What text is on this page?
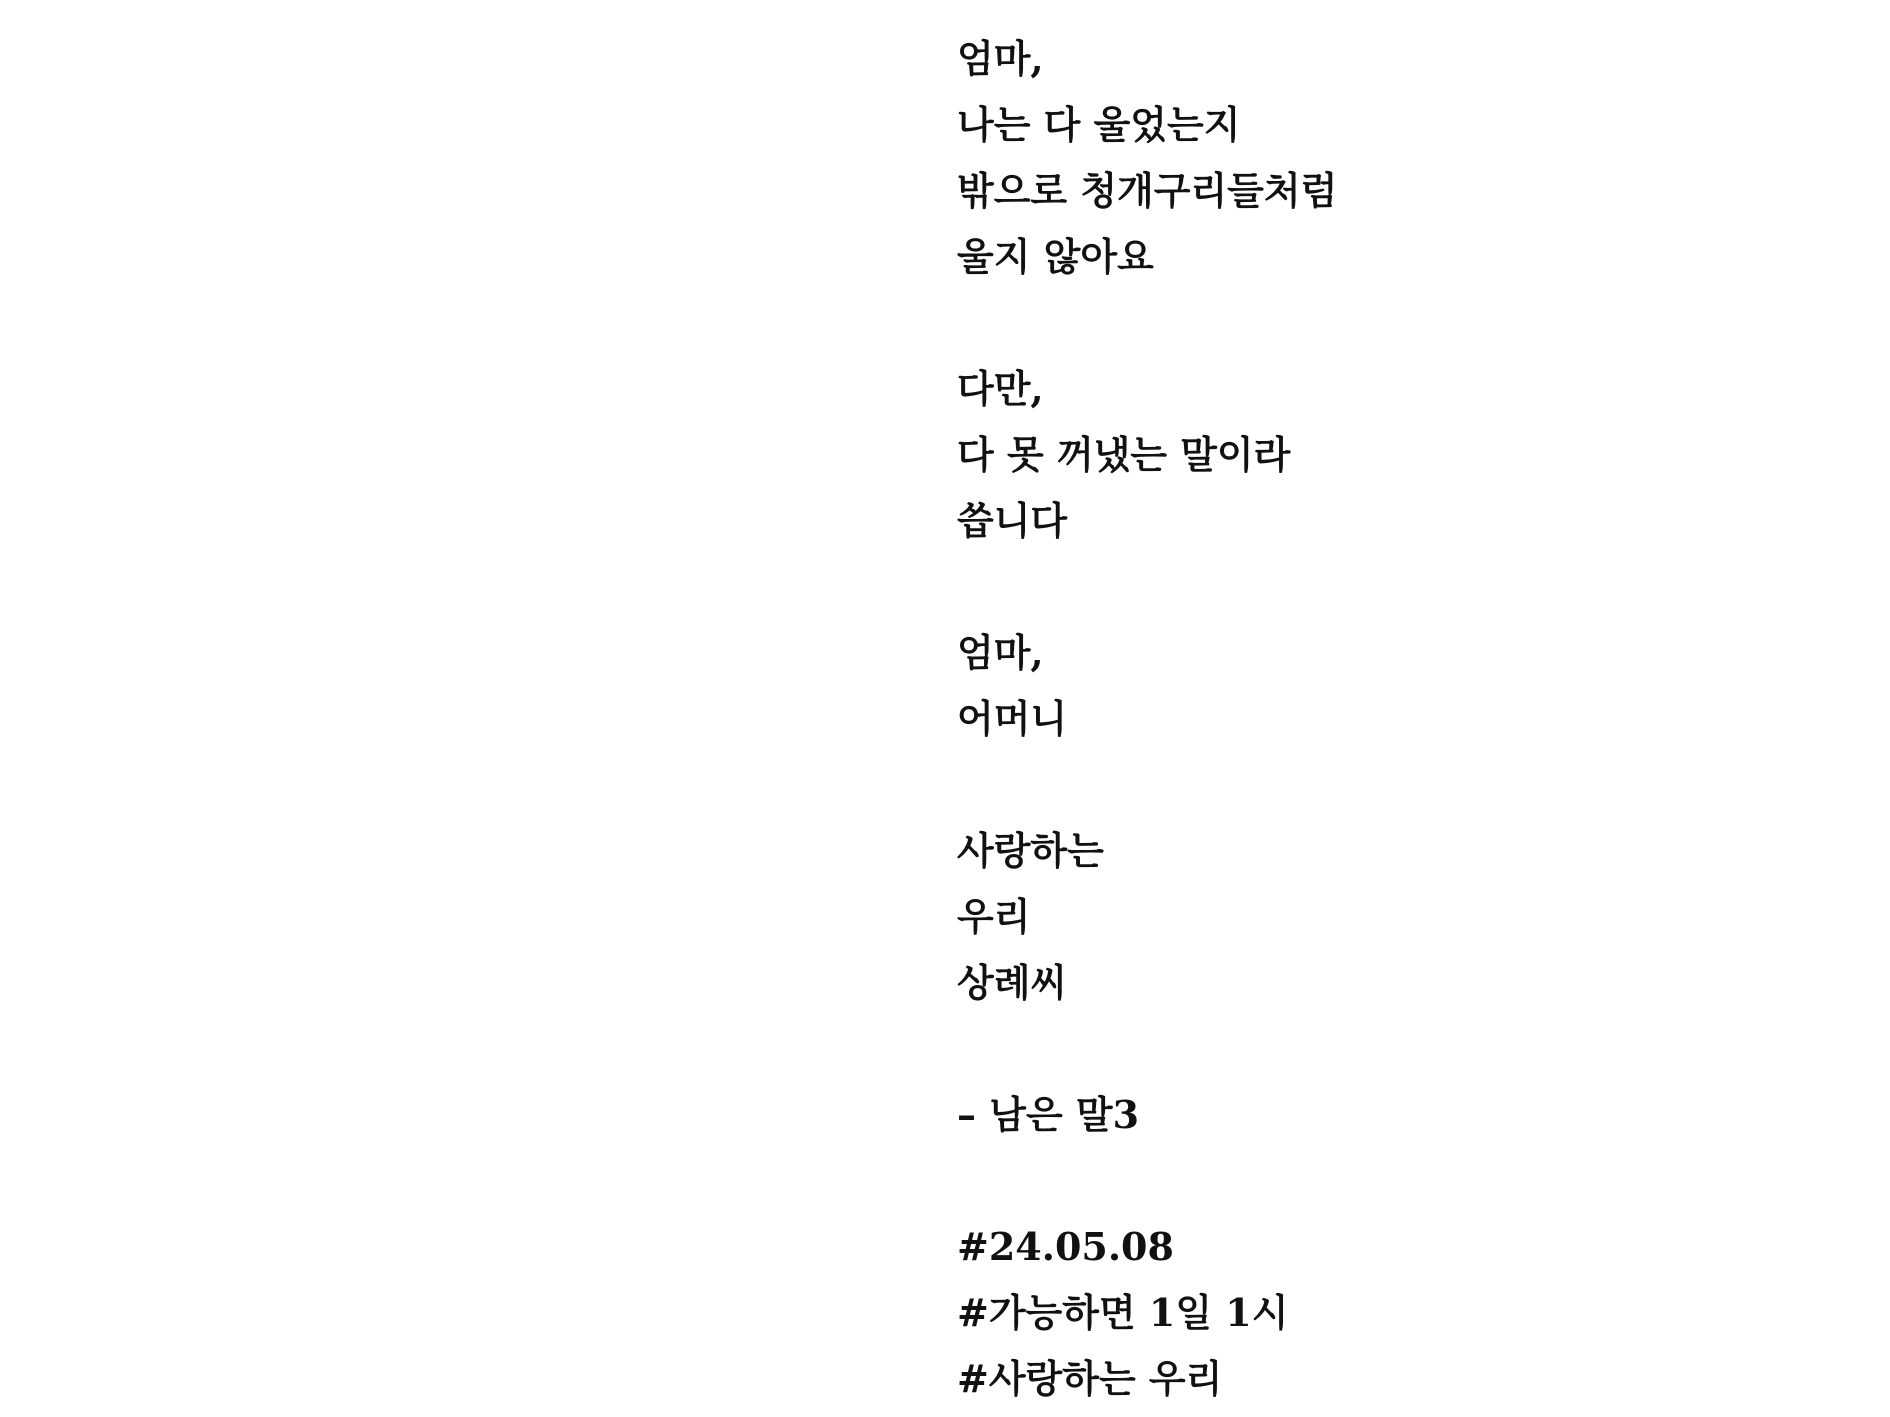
엄마,
나는 다 울었는지
밖으로 청개구리들처럼
울지 않아요
다만,
다 못 꺼냈는 말이라
씁니다
엄마,
어머니
사랑하는
우리
상례씨
– 남은 말3
#24.05.08
#가능하면 1일 1시
#사랑하는 우리
